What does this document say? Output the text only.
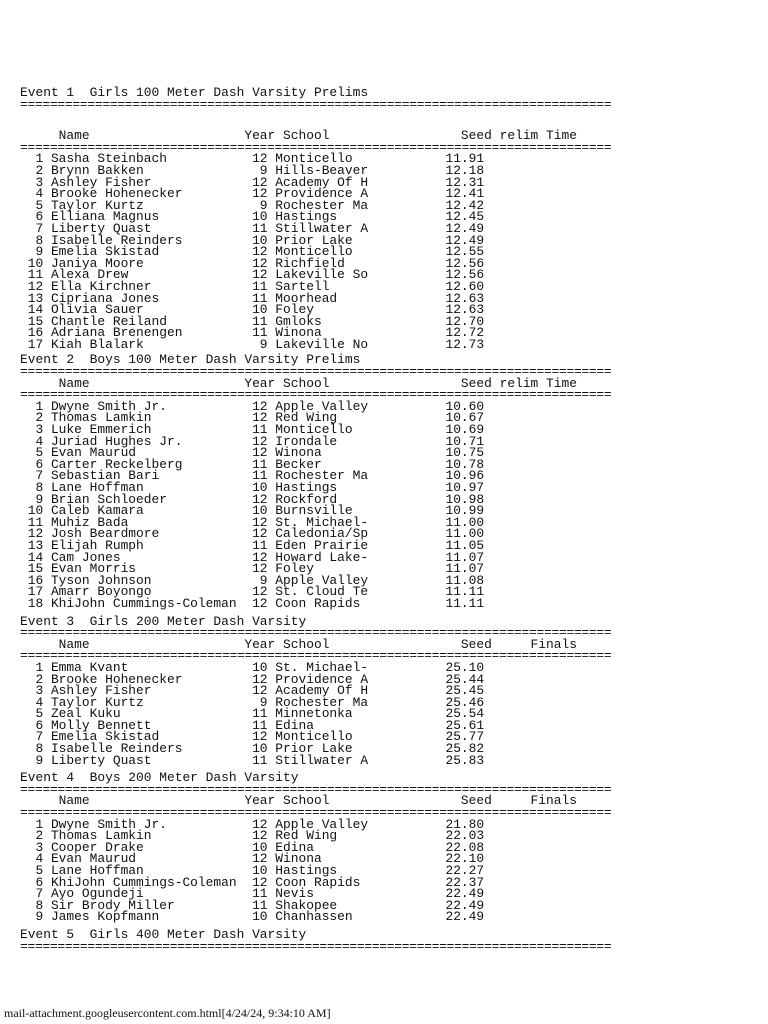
Event 1  Girls 100 Meter Dash Varsity Prelims
===============================================================================
Name                    Year School                 Seed relim Time
===============================================================================
1 Sasha Steinbach           12 Monticello            11.91
2 Brynn Bakken               9 Hills-Beaver          12.18
3 Ashley Fisher             12 Academy Of H          12.31
4 Brooke Hohenecker         12 Providence A          12.41
5 Taylor Kurtz               9 Rochester Ma          12.42
6 Elliana Magnus            10 Hastings              12.45
7 Liberty Quast             11 Stillwater A          12.49
8 Isabelle Reinders         10 Prior Lake            12.49
9 Emelia Skistad            12 Monticello            12.55
10 Janiya Moore              12 Richfield             12.56
11 Alexa Drew                12 Lakeville So          12.56
12 Ella Kirchner             11 Sartell               12.60
13 Cipriana Jones            11 Moorhead              12.63
14 Olivia Sauer              10 Foley                 12.63
15 Chantle Reiland           11 Gmloks                12.70
16 Adriana Brenengen         11 Winona                12.72
17 Kiah Blalark               9 Lakeville No          12.73
Event 2  Boys 100 Meter Dash Varsity Prelims
===============================================================================
Name                    Year School                 Seed relim Time
===============================================================================
1 Dwyne Smith Jr.           12 Apple Valley          10.60
2 Thomas Lamkin             12 Red Wing              10.67
3 Luke Emmerich             11 Monticello            10.69
4 Juriad Hughes Jr.         12 Irondale              10.71
5 Evan Maurud               12 Winona                10.75
6 Carter Reckelberg         11 Becker                10.78
7 Sebastian Bari            11 Rochester Ma          10.96
8 Lane Hoffman              10 Hastings              10.97
9 Brian Schloeder           12 Rockford              10.98
10 Caleb Kamara              10 Burnsville            10.99
11 Muhiz Bada                12 St. Michael-          11.00
12 Josh Beardmore            12 Caledonia/Sp          11.00
13 Elijah Rumph              11 Eden Prairie          11.05
14 Cam Jones                 12 Howard Lake-          11.07
15 Evan Morris               12 Foley                 11.07
16 Tyson Johnson              9 Apple Valley          11.08
17 Amarr Boyongo             12 St. Cloud Te          11.11
18 KhiJohn Cummings-Coleman  12 Coon Rapids           11.11
Event 3  Girls 200 Meter Dash Varsity
===============================================================================
Name                    Year School                 Seed     Finals
===============================================================================
1 Emma Kvant                10 St. Michael-          25.10
2 Brooke Hohenecker         12 Providence A          25.44
3 Ashley Fisher             12 Academy Of H          25.45
4 Taylor Kurtz               9 Rochester Ma          25.46
5 Zeal Kuku                 11 Minnetonka            25.54
6 Molly Bennett             11 Edina                 25.61
7 Emelia Skistad            12 Monticello            25.77
8 Isabelle Reinders         10 Prior Lake            25.82
9 Liberty Quast             11 Stillwater A          25.83
Event 4  Boys 200 Meter Dash Varsity
===============================================================================
Name                    Year School                 Seed     Finals
===============================================================================
1 Dwyne Smith Jr.           12 Apple Valley          21.80
2 Thomas Lamkin             12 Red Wing              22.03
3 Cooper Drake              10 Edina                 22.08
4 Evan Maurud               12 Winona                22.10
5 Lane Hoffman              10 Hastings              22.27
6 KhiJohn Cummings-Coleman  12 Coon Rapids           22.37
7 Ayo Ogundeji              11 Nevis                 22.49
8 Sir Brody Miller          11 Shakopee              22.49
9 James Kopfmann            10 Chanhassen            22.49
Event 5  Girls 400 Meter Dash Varsity
===============================================================================
mail-attachment.googleusercontent.com.html[4/24/24, 9:34:10 AM]
